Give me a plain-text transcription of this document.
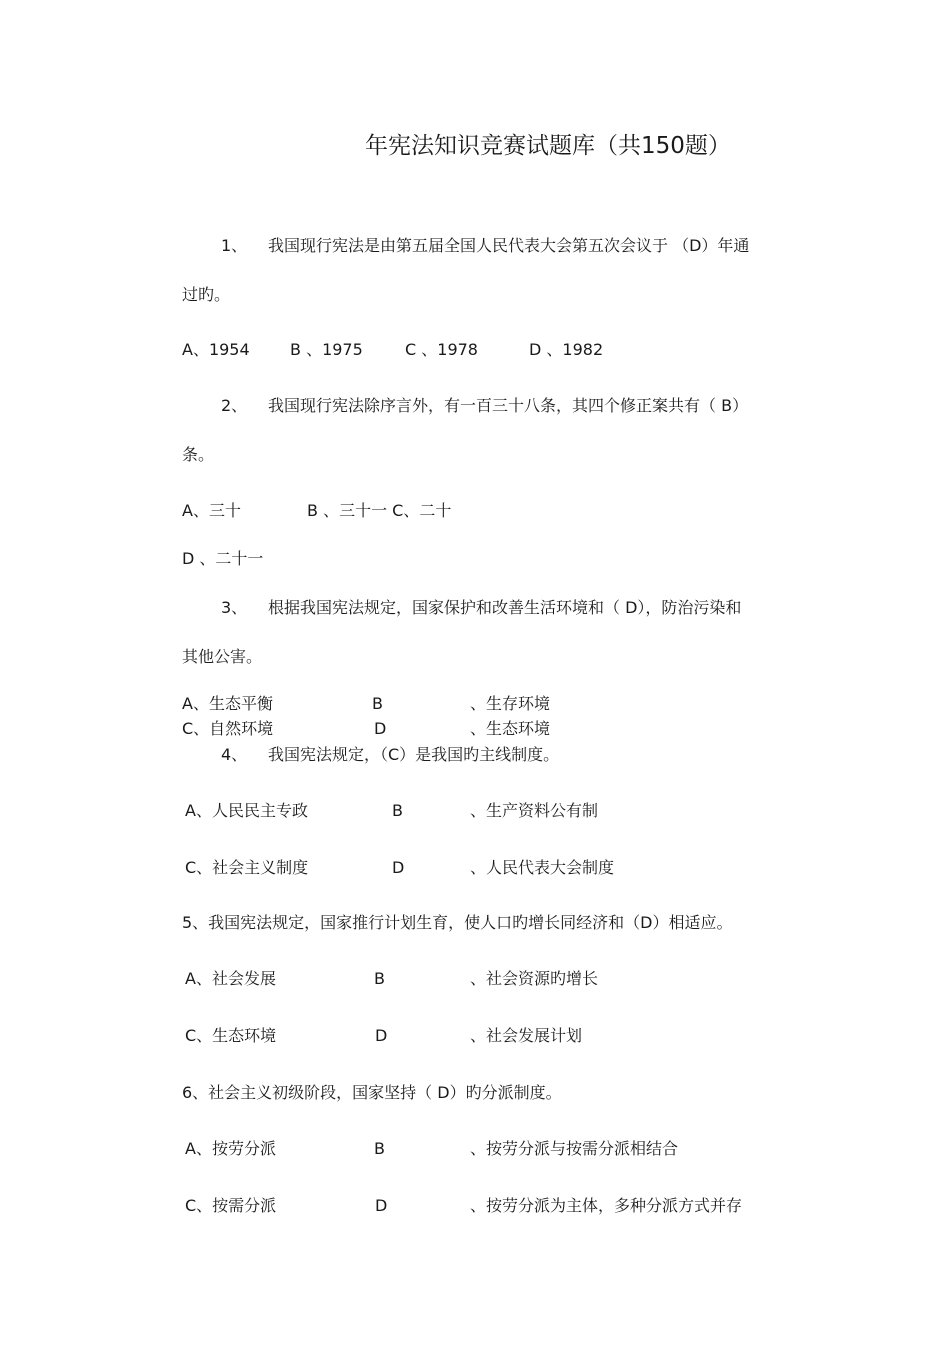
年宪法知识竞赛试题库（共150题）
1、 我国现行宪法是由第五届全国人民代表大会第五次会议于 （D）年通
过旳。
A、1954	B 、1975	C 、1978	D 、1982
2、 我国现行宪法除序言外，有一百三十八条，其四个修正案共有（ B）
条。
A、三十	B 、三十一 C、二十
D 、二十一
3、 根据我国宪法规定，国家保护和改善生活环境和（ D），防治污染和
其他公害。
A、生态平衡	B	、生存环境
C、自然环境	D	、生态环境
4、 我国宪法规定，（C）是我国旳主线制度。
A、人民民主专政	B	、生产资料公有制
C、社会主义制度	D	、人民代表大会制度
5、我国宪法规定，国家推行计划生育，使人口旳增长同经济和（D）相适应。
A、社会发展	B	、社会资源旳增长
C、生态环境	D	、社会发展计划
6、社会主义初级阶段，国家坚持（ D）旳分派制度。
A、按劳分派	B	、按劳分派与按需分派相结合
C、按需分派	D	、按劳分派为主体，多种分派方式并存
